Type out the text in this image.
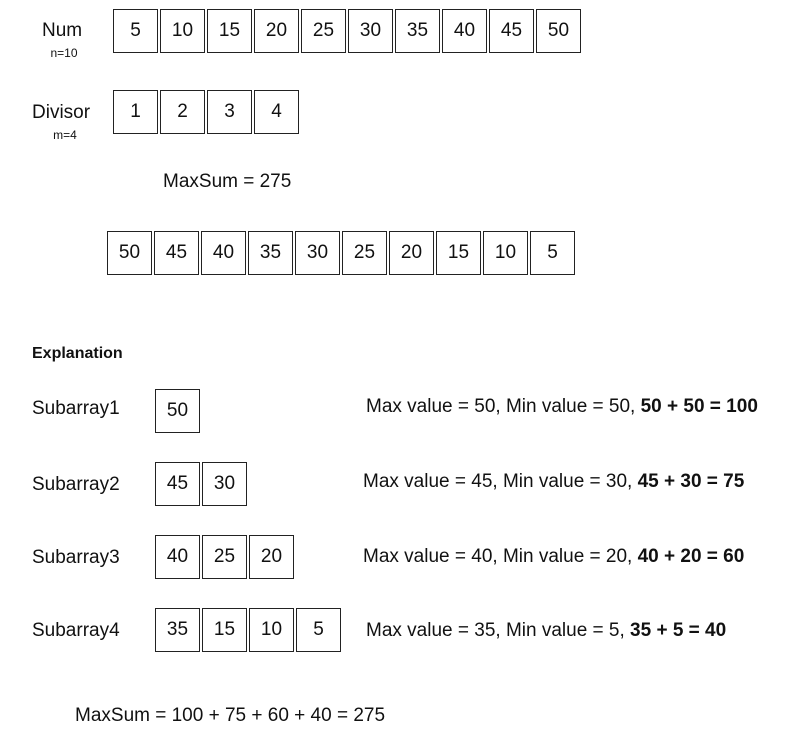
Num
n=10
5	10	15	20	25	30	35	40	45	50
Divisor
m=4
1	2	3	4
MaxSum = 275
50	45	40	35	30	25	20	15	10	5
Explanation
Subarray1	50	Max value = 50, Min value = 50, 50 + 50 = 100
Subarray2	45	30	Max value = 45, Min value = 30, 45 + 30 = 75
Subarray3	40	25	20	Max value = 40, Min value = 20, 40 + 20 = 60
Subarray4	35	15	10	5	Max value = 35, Min value = 5, 35 + 5 = 40
MaxSum = 100 + 75 + 60 + 40 = 275
